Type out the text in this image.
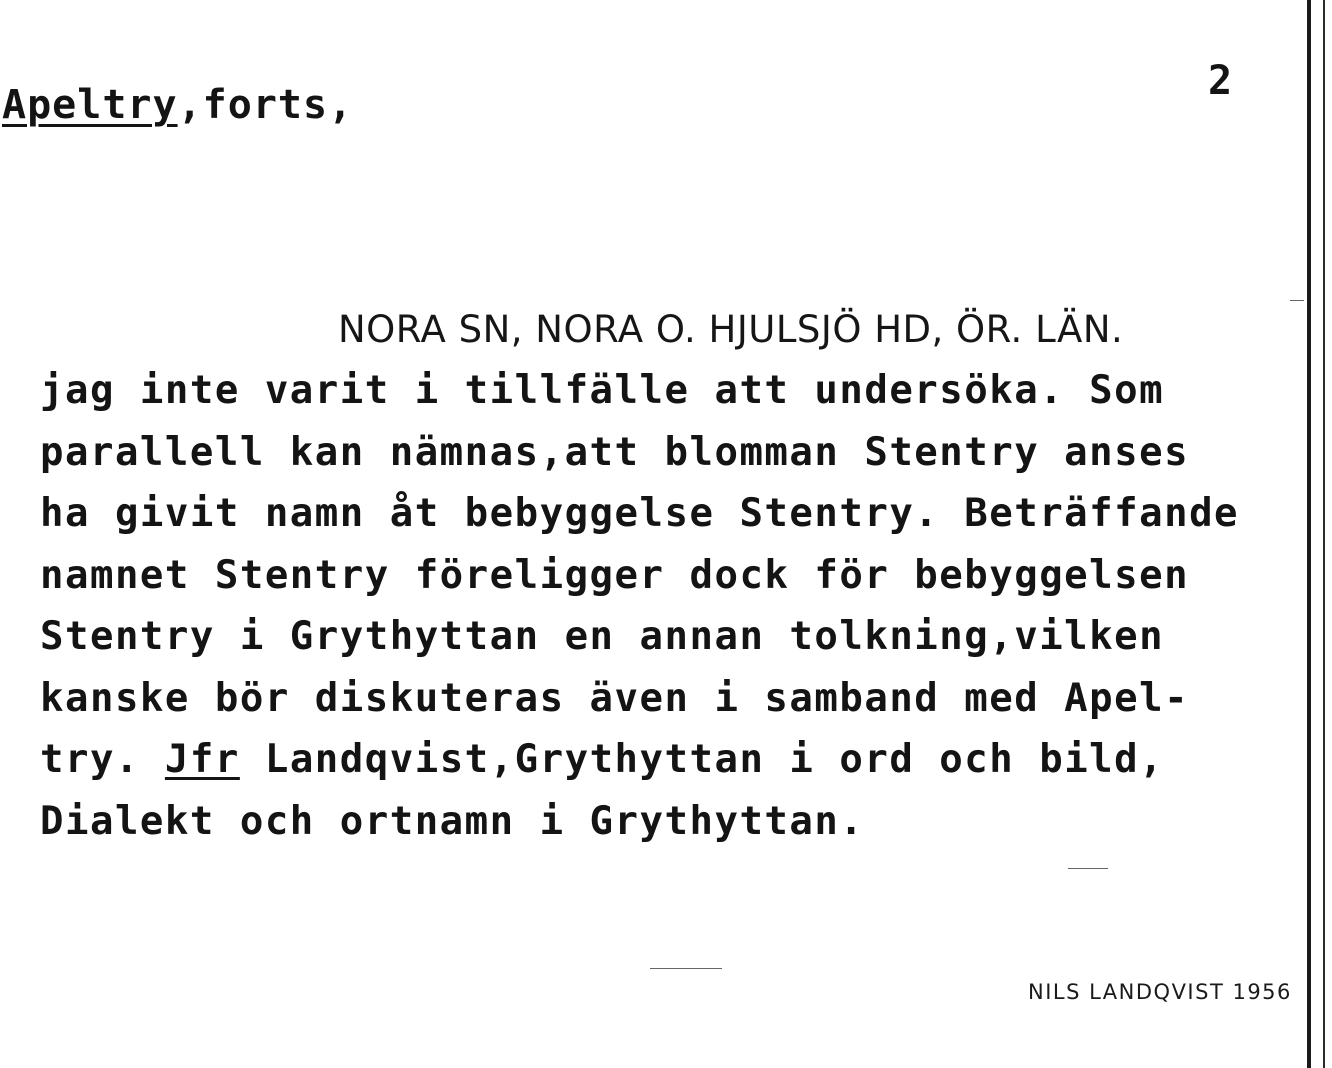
Apeltry,forts,
2
NORA SN, NORA O. HJULSJÖ HD, ÖR. LÄN.
jag inte varit i tillfälle att undersöka. Som
parallell kan nämnas,att blomman Stentry anses
ha givit namn åt bebyggelse Stentry. Beträffande
namnet Stentry föreligger dock för bebyggelsen
Stentry i Grythyttan en annan tolkning,vilken
kanske bör diskuteras även i samband med Apel-
try. Jfr Landqvist,Grythyttan i ord och bild,
Dialekt och ortnamn i Grythyttan.
NILS LANDQVIST 1956
